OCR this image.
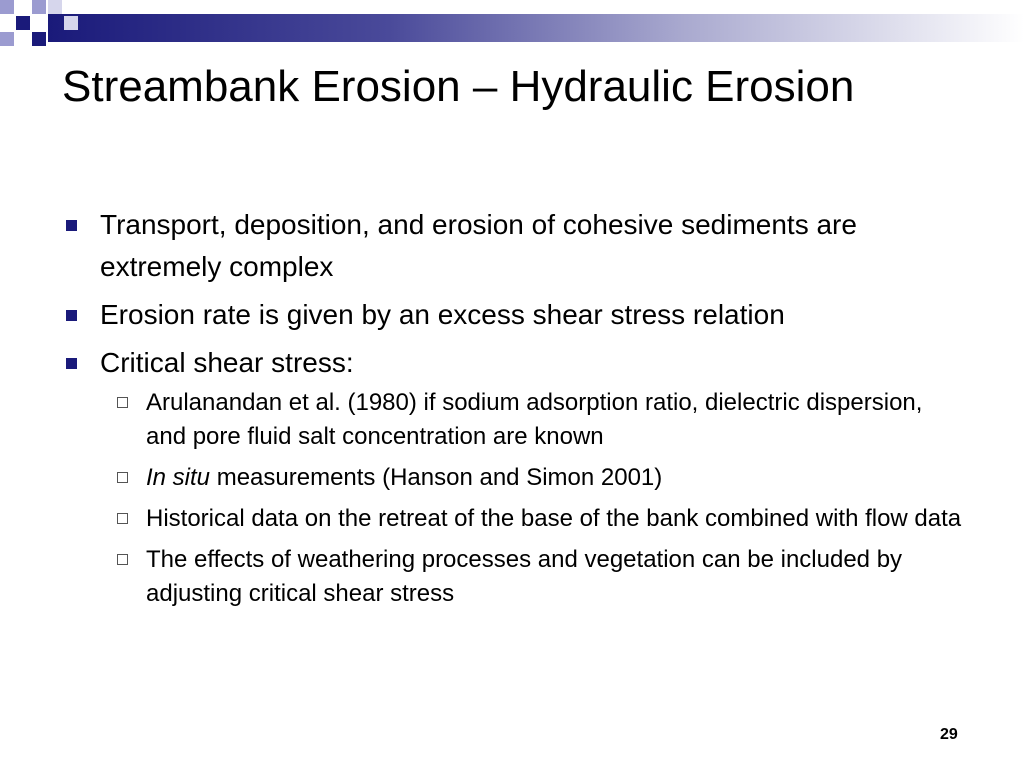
Streambank Erosion – Hydraulic Erosion
Transport, deposition, and erosion of cohesive sediments are extremely complex
Erosion rate is given by an excess shear stress relation
Critical shear stress:
Arulanandan et al. (1980) if sodium adsorption ratio, dielectric dispersion, and pore fluid salt concentration are known
In situ measurements (Hanson and Simon 2001)
Historical data on the retreat of the base of the bank combined with flow data
The effects of weathering processes and vegetation can be included by adjusting critical shear stress
29
